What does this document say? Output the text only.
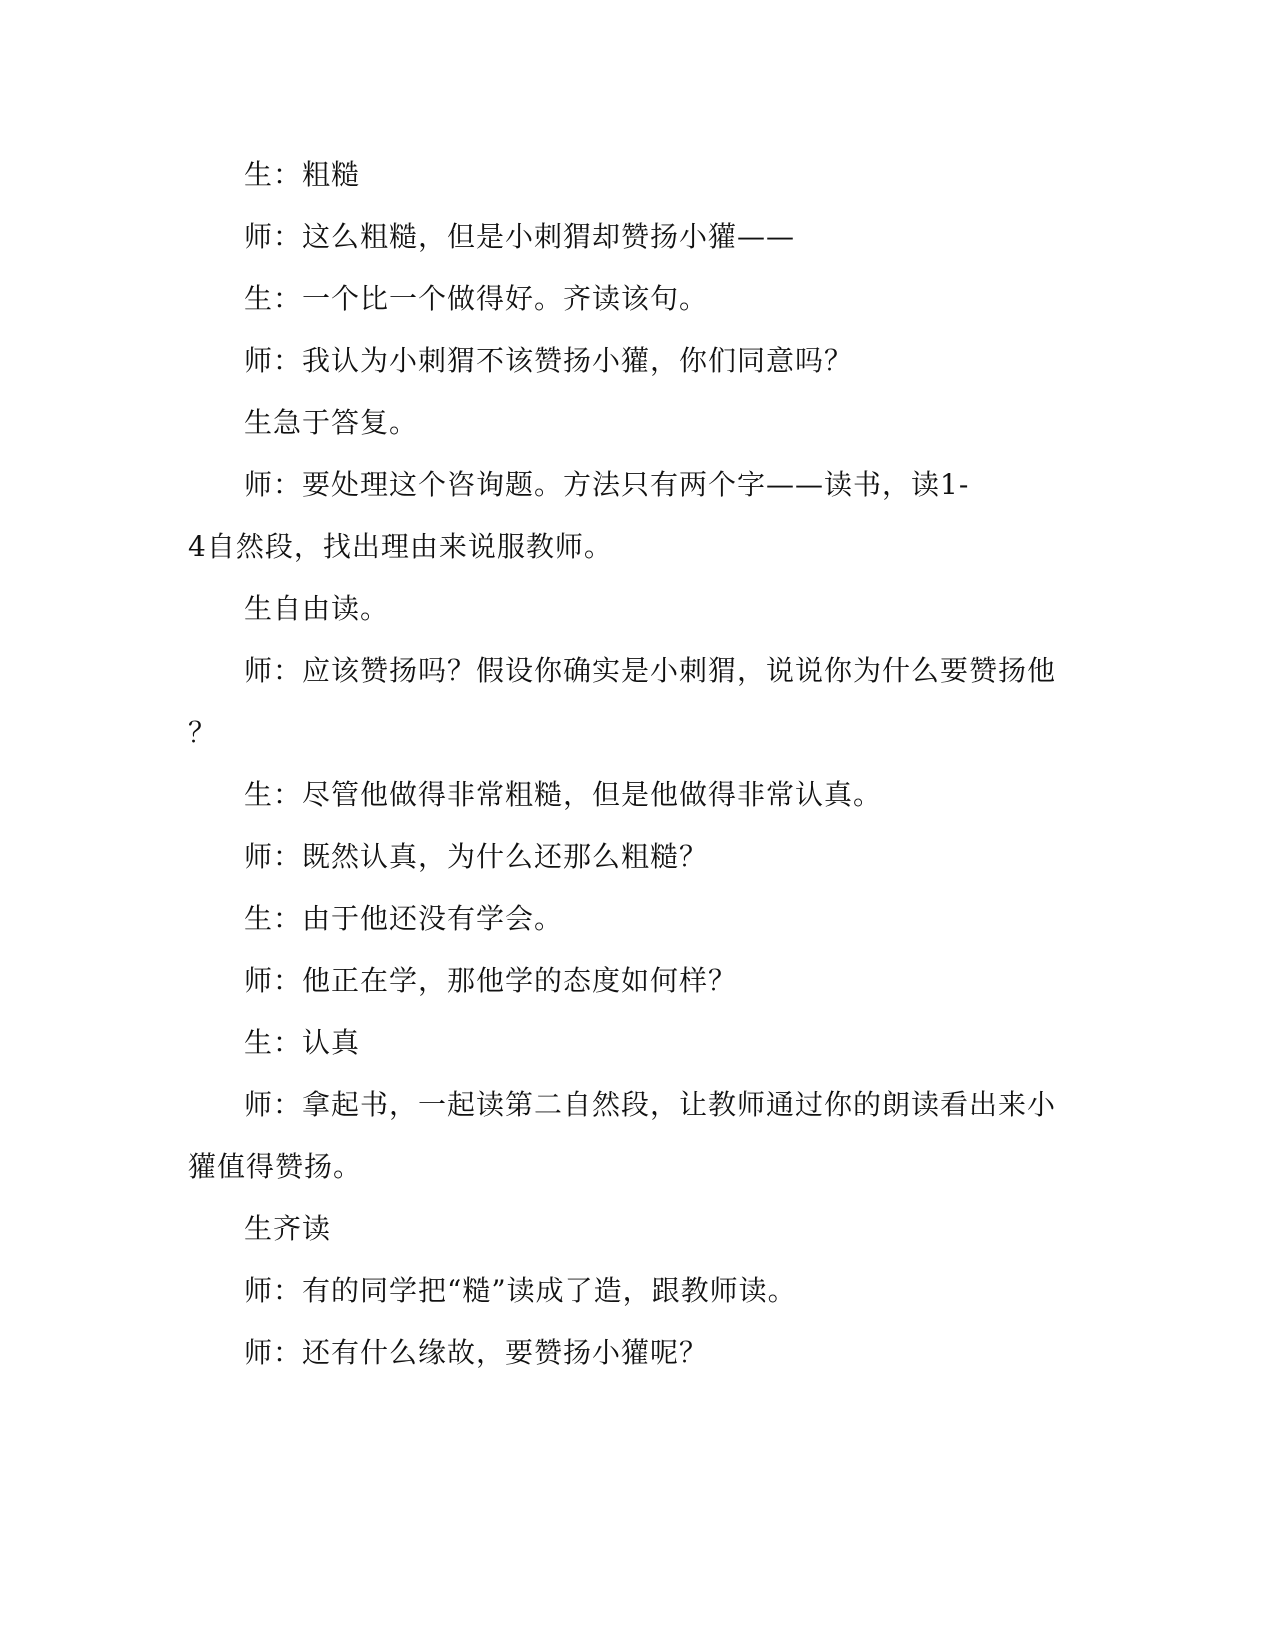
生：粗糙
师：这么粗糙，但是小刺猬却赞扬小獾——
生：一个比一个做得好。齐读该句。
师：我认为小刺猬不该赞扬小獾，你们同意吗？
生急于答复。
师：要处理这个咨询题。方法只有两个字——读书，读1-
4自然段，找出理由来说服教师。
生自由读。
师：应该赞扬吗？假设你确实是小刺猬，说说你为什么要赞扬他
？
生：尽管他做得非常粗糙，但是他做得非常认真。
师：既然认真，为什么还那么粗糙？
生：由于他还没有学会。
师：他正在学，那他学的态度如何样？
生：认真
师：拿起书，一起读第二自然段，让教师通过你的朗读看出来小
獾值得赞扬。
生齐读
师：有的同学把“糙”读成了造，跟教师读。
师：还有什么缘故，要赞扬小獾呢？
